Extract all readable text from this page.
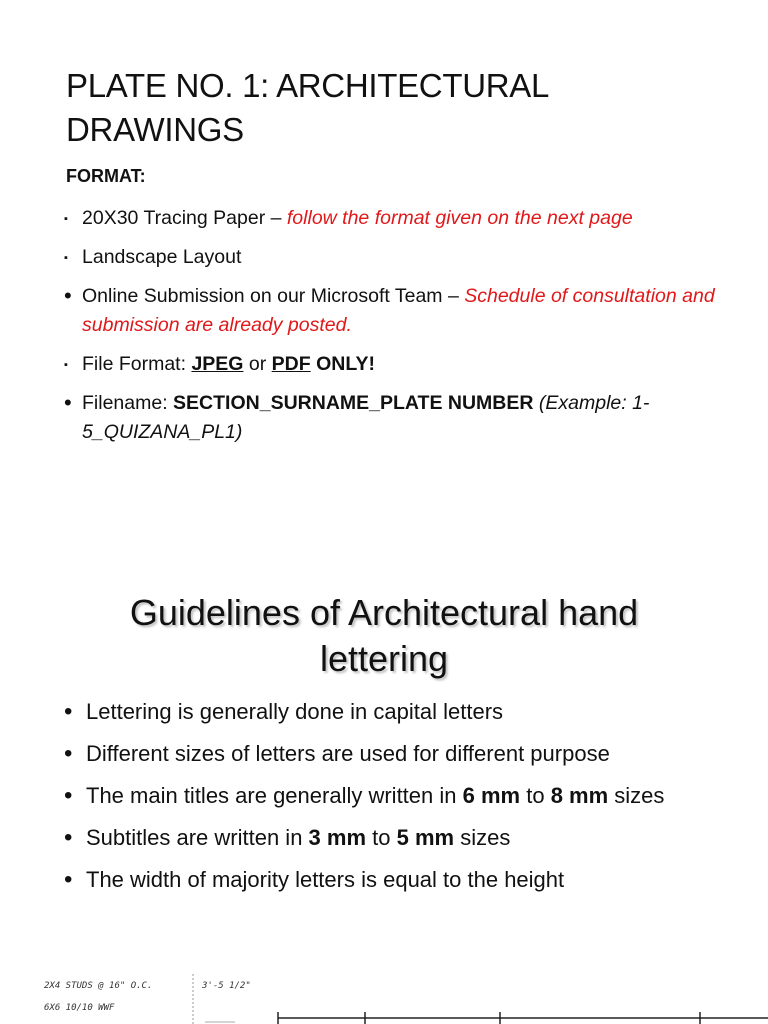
PLATE NO. 1: ARCHITECTURAL DRAWINGS

FORMAT:

▪ 20X30 Tracing Paper – follow the format given on the next page
▪ Landscape Layout
• Online Submission on our Microsoft Team – Schedule of consultation and submission are already posted.
▪ File Format: JPEG or PDF ONLY!
• Filename: SECTION_SURNAME_PLATE NUMBER (Example: 1-5_QUIZANA_PL1)
Guidelines of Architectural hand lettering
• Lettering is generally done in capital letters
• Different sizes of letters are used for different purpose
• The main titles are generally written in 6 mm to 8 mm sizes
• Subtitles are written in 3 mm to 5 mm sizes
• The width of majority letters is equal to the height
2X4 STUDS @ 16" O.C.	3'-5 1/2"
6X6 10/10 WWF
